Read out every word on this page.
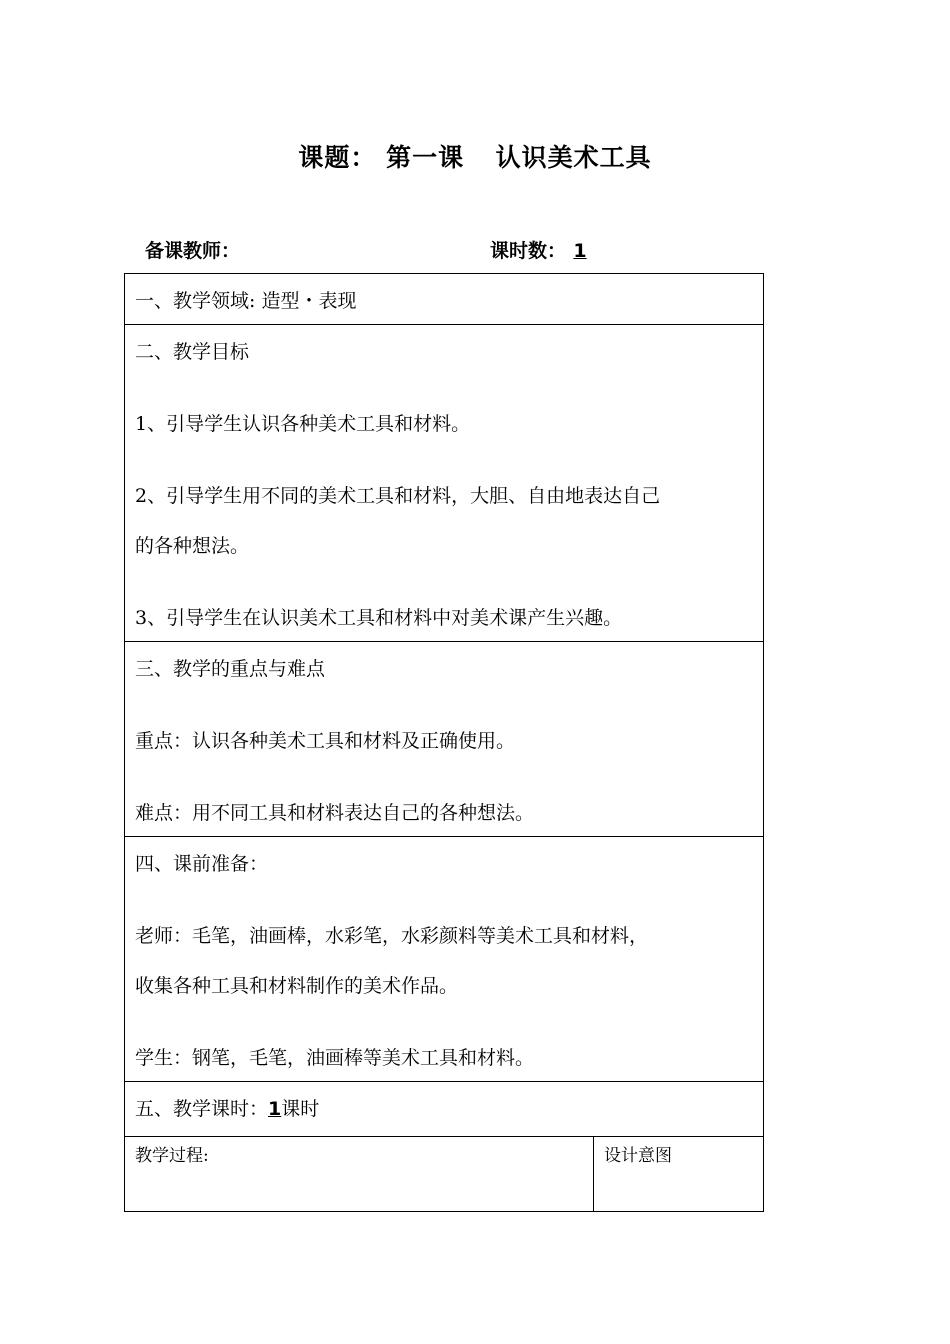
课题： 第一课 认识美术工具
备课教师：	课时数： 1
一、教学领域: 造型・表现
二、教学目标
1、引导学生认识各种美术工具和材料。
2、引导学生用不同的美术工具和材料，大胆、自由地表达自己
的各种想法。
3、引导学生在认识美术工具和材料中对美术课产生兴趣。
三、教学的重点与难点
重点：认识各种美术工具和材料及正确使用。
难点：用不同工具和材料表达自己的各种想法。
四、课前准备：
老师：毛笔，油画棒，水彩笔，水彩颜料等美术工具和材料，
收集各种工具和材料制作的美术作品。
学生：钢笔，毛笔，油画棒等美术工具和材料。
五、教学课时：1课时
教学过程:	设计意图
